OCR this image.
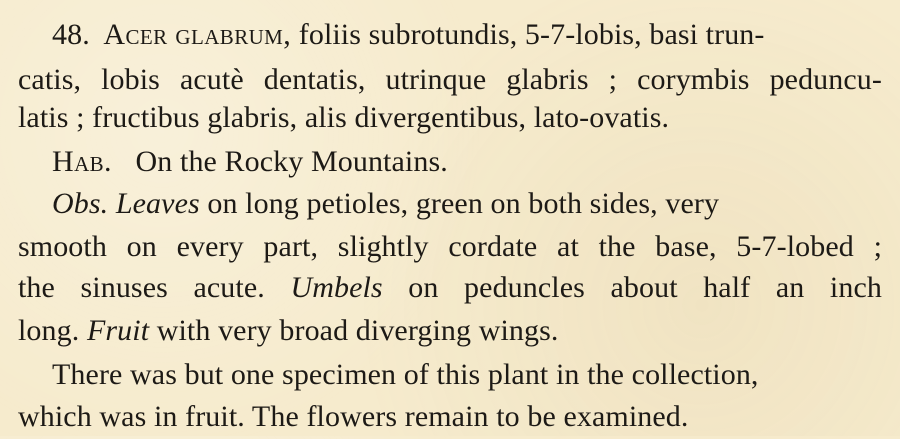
48. Acer glabrum, foliis subrotundis, 5-7-lobis, basi trun-
catis, lobis acutè dentatis, utrinque glabris ; corymbis peduncu-
latis ; fructibus glabris, alis divergentibus, lato-ovatis.
Hab. On the Rocky Mountains.
Obs. Leaves on long petioles, green on both sides, very
smooth on every part, slightly cordate at the base, 5-7-lobed ;
the sinuses acute. Umbels on peduncles about half an inch
long. Fruit with very broad diverging wings.
There was but one specimen of this plant in the collection,
which was in fruit. The flowers remain to be examined.
